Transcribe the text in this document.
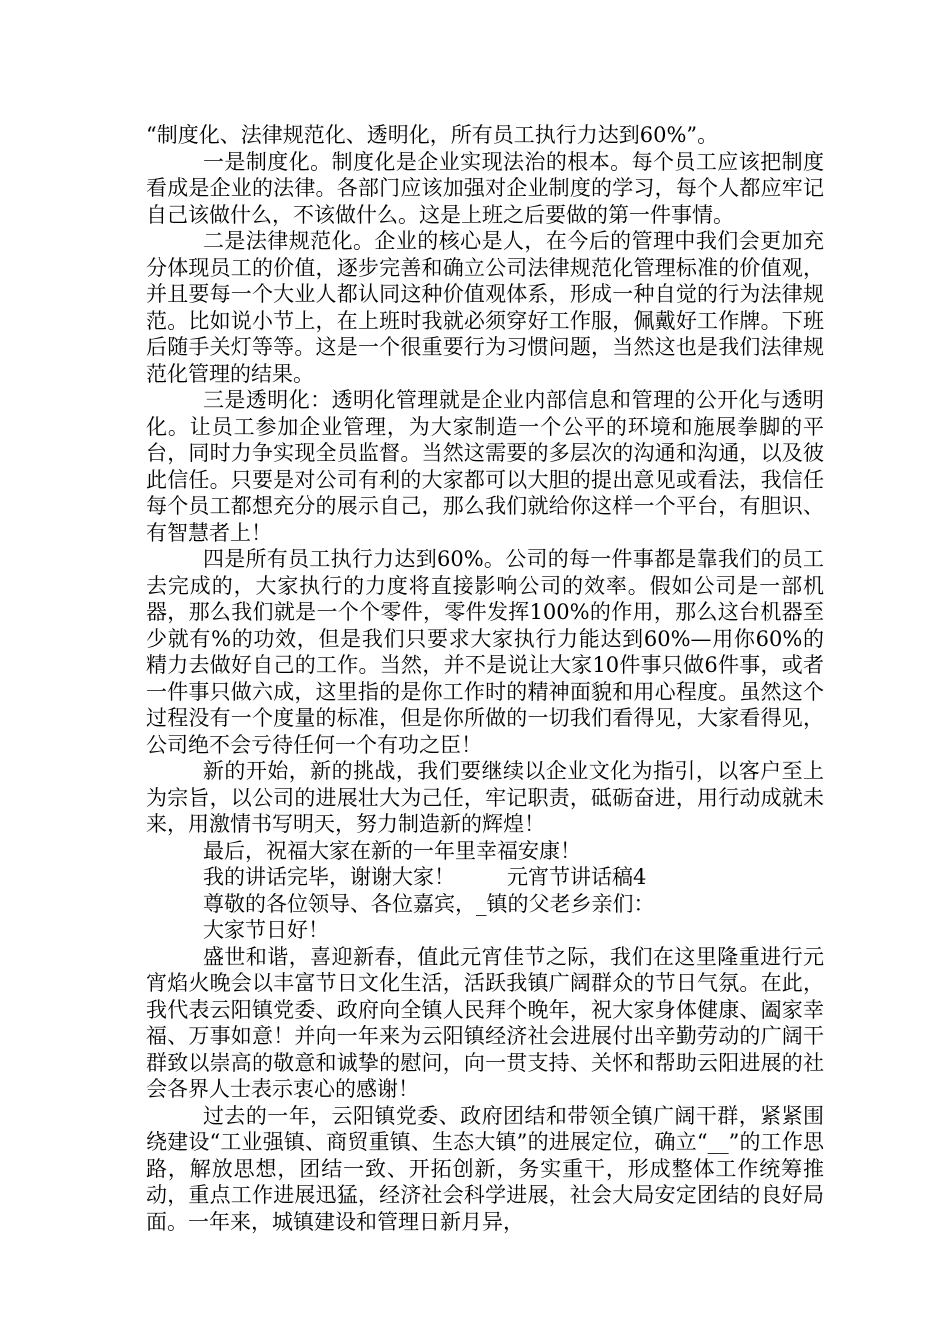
“制度化、法律规范化、透明化，所有员工执行力达到60%”。

一是制度化。制度化是企业实现法治的根本。每个员工应该把制度看成是企业的法律。各部门应该加强对企业制度的学习，每个人都应牢记自己该做什么，不该做什么。这是上班之后要做的第一件事情。

二是法律规范化。企业的核心是人，在今后的管理中我们会更加充分体现员工的价值，逐步完善和确立公司法律规范化管理标准的价值观，并且要每一个大业人都认同这种价值观体系，形成一种自觉的行为法律规范。比如说小节上，在上班时我就必须穿好工作服，佩戴好工作牌。下班后随手关灯等等。这是一个很重要行为习惯问题，当然这也是我们法律规范化管理的结果。

三是透明化：透明化管理就是企业内部信息和管理的公开化与透明化。让员工参加企业管理，为大家制造一个公平的环境和施展拳脚的平台，同时力争实现全员监督。当然这需要的多层次的沟通和沟通，以及彼此信任。只要是对公司有利的大家都可以大胆的提出意见或看法，我信任每个员工都想充分的展示自己，那么我们就给你这样一个平台，有胆识、有智慧者上！

四是所有员工执行力达到60%。公司的每一件事都是靠我们的员工去完成的，大家执行的力度将直接影响公司的效率。假如公司是一部机器，那么我们就是一个个零件，零件发挥100%的作用，那么这台机器至少就有%的功效，但是我们只要求大家执行力能达到60%—用你60%的精力去做好自己的工作。当然，并不是说让大家10件事只做6件事，或者一件事只做六成，这里指的是你工作时的精神面貌和用心程度。虽然这个过程没有一个度量的标准，但是你所做的一切我们看得见，大家看得见，公司绝不会亏待任何一个有功之臣！

新的开始，新的挑战，我们要继续以企业文化为指引，以客户至上为宗旨，以公司的进展壮大为己任，牢记职责，砥砺奋进，用行动成就未来，用激情书写明天，努力制造新的辉煌！

最后，祝福大家在新的一年里幸福安康！

我的讲话完毕，谢谢大家！ 元宵节讲话稿4

尊敬的各位领导、各位嘉宾，_镇的父老乡亲们：

大家节日好！

盛世和谐，喜迎新春，值此元宵佳节之际，我们在这里隆重进行元宵焰火晚会以丰富节日文化生活，活跃我镇广阔群众的节日气氛。在此，我代表云阳镇党委、政府向全镇人民拜个晚年，祝大家身体健康、阖家幸福、万事如意！并向一年来为云阳镇经济社会进展付出辛勤劳动的广阔干群致以崇高的敬意和诚挚的慰问，向一贯支持、关怀和帮助云阳进展的社会各界人士表示衷心的感谢！

过去的一年，云阳镇党委、政府团结和带领全镇广阔干群，紧紧围绕建设“工业强镇、商贸重镇、生态大镇”的进展定位，确立“__”的工作思路，解放思想，团结一致、开拓创新，务实重干，形成整体工作统筹推动，重点工作进展迅猛，经济社会科学进展，社会大局安定团结的良好局面。一年来，城镇建设和管理日新月异，
